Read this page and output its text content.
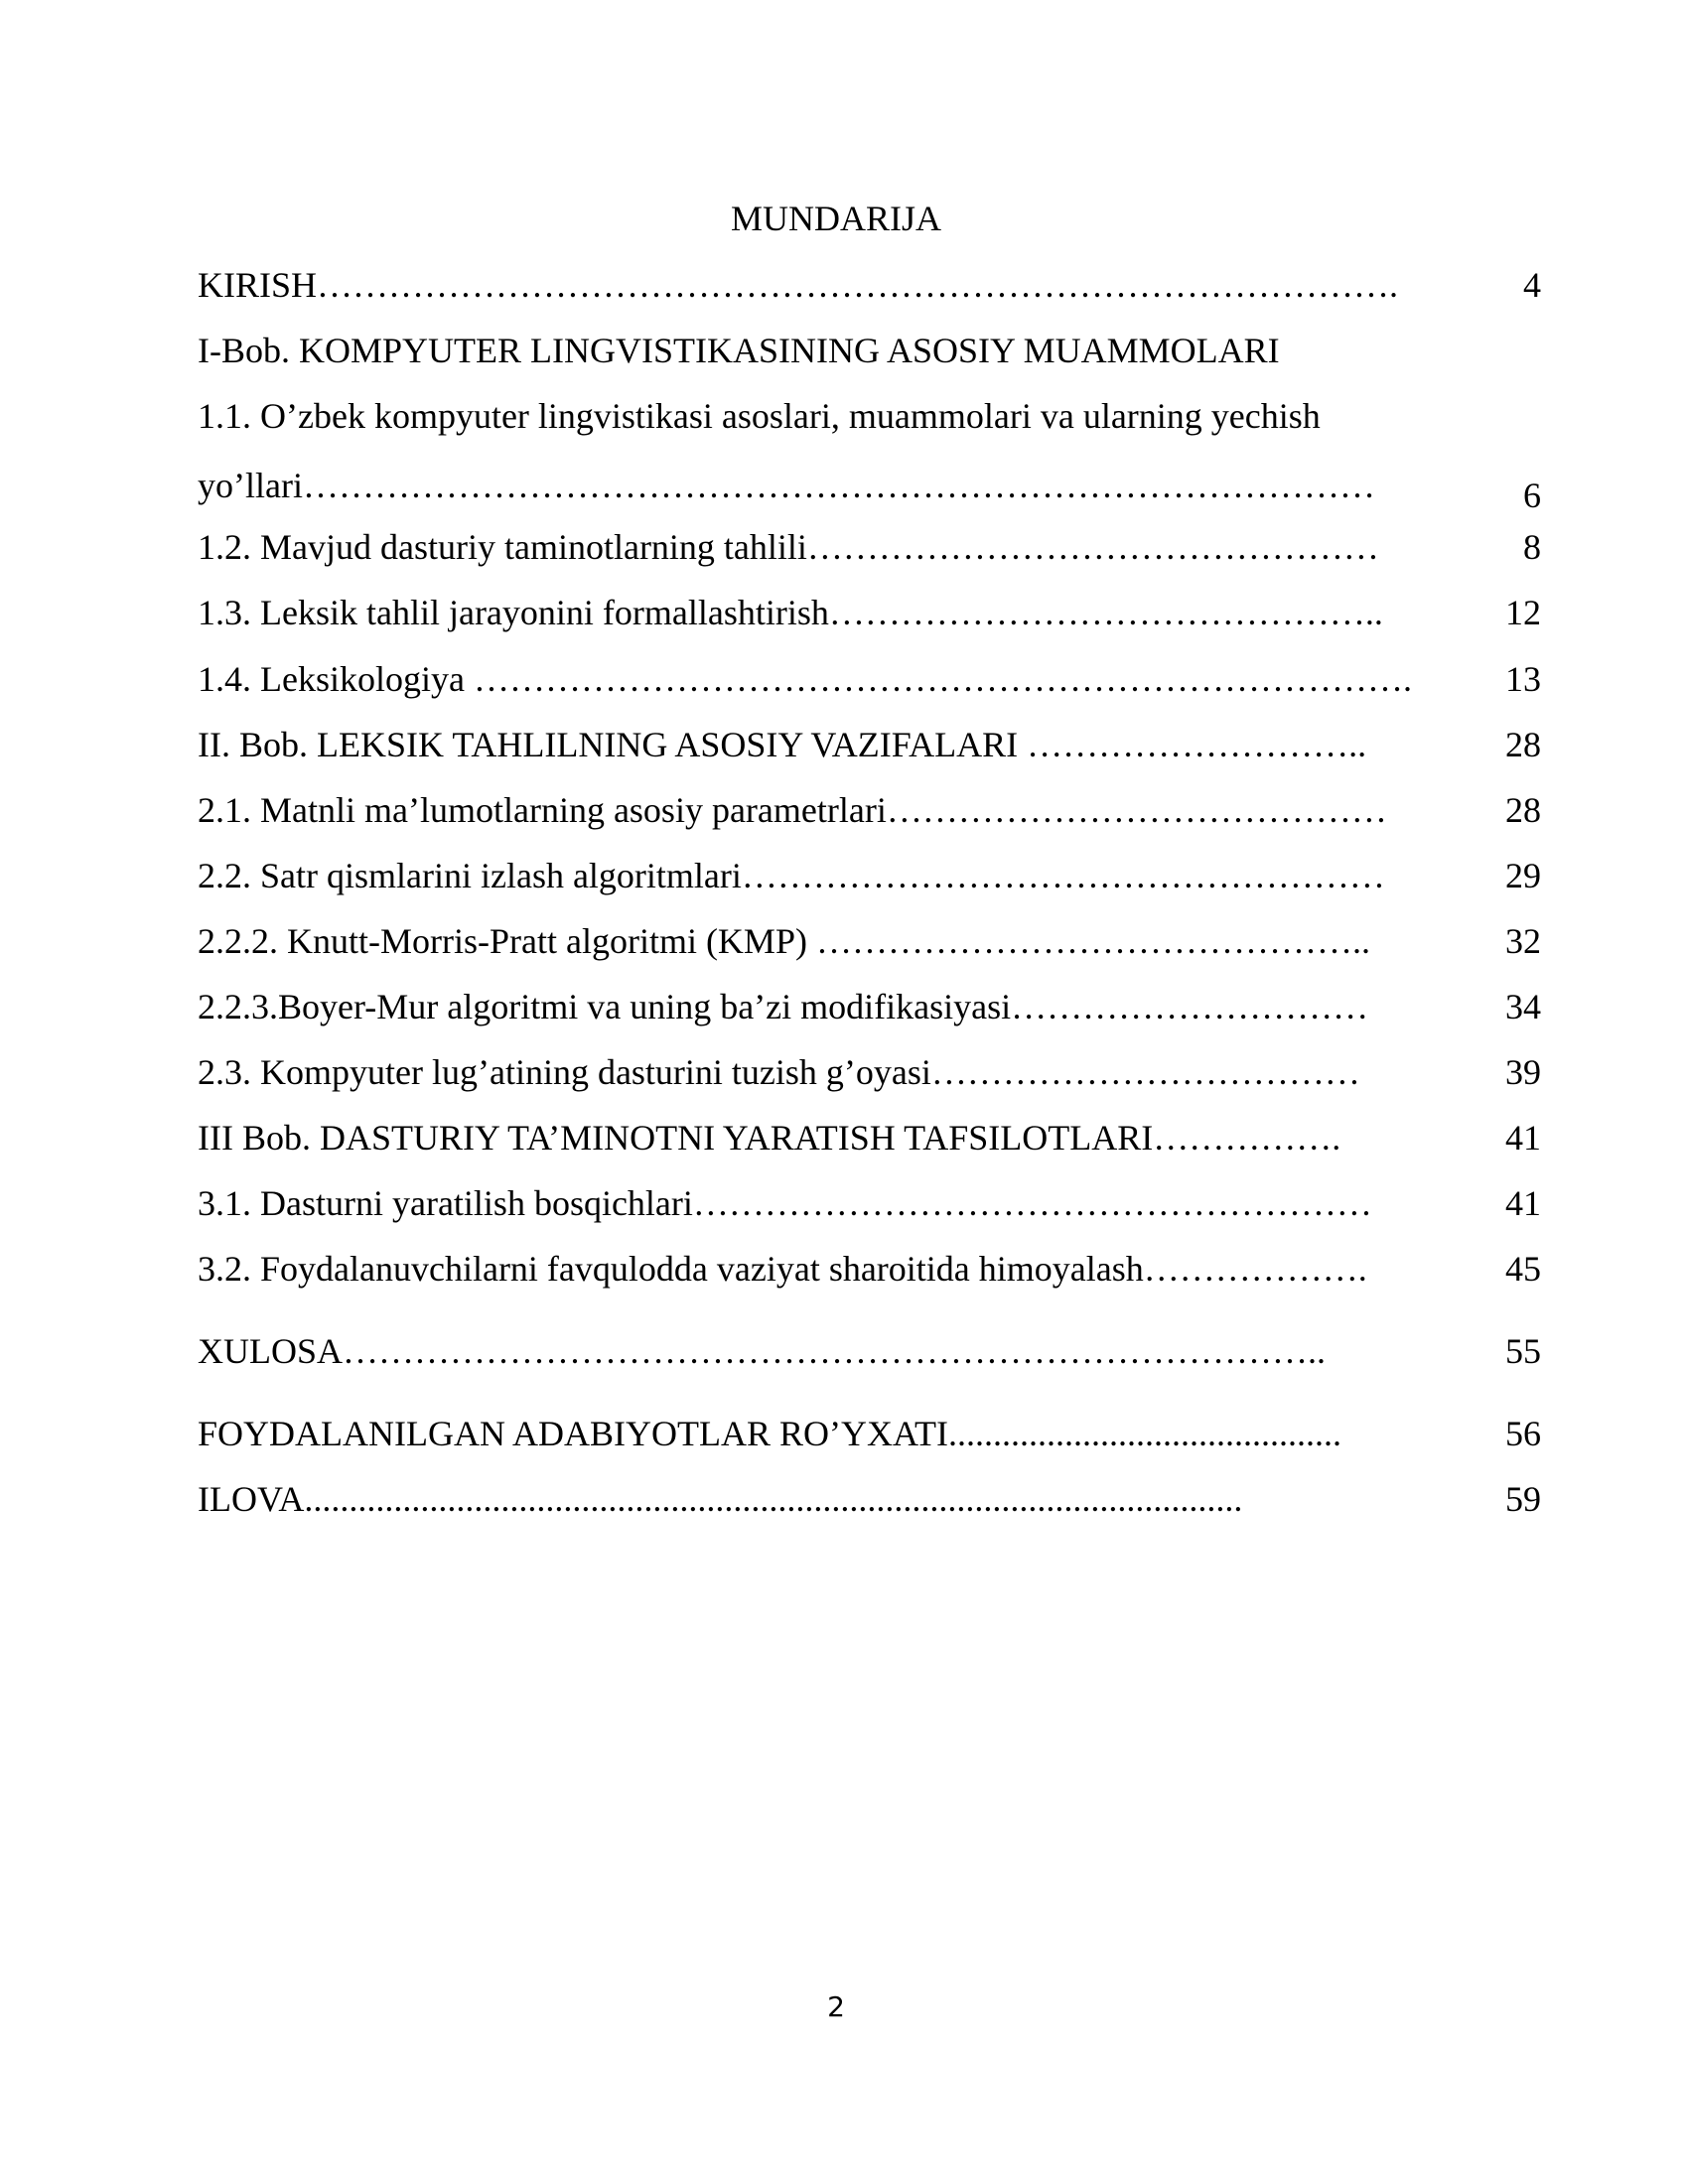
MUNDARIJA
KIRISH……………………………………………………………………………….	4
I-Bob. KOMPYUTER LINGVISTIKASINING ASOSIY MUAMMOLARI
1.1. O’zbek kompyuter lingvistikasi asoslari, muammolari va ularning yechish
yo’llari………………………………………………………………………………	6
1.2. Mavjud dasturiy taminotlarning tahlili…………………………………………	8
1.3. Leksik tahlil jarayonini formallashtirish………………………………………..	12
1.4. Leksikologiya …………………………………………………………………….	13
II. Bob. LEKSIK TAHLILNING ASOSIY VAZIFALARI ………………………..	28
2.1. Matnli ma’lumotlarning asosiy parametrlari……………………………………	28
2.2. Satr qismlarini izlash algoritmlari………………………………………………	29
2.2.2. Knutt-Morris-Pratt algoritmi (KMP) ………………………………………..	32
2.2.3.Boyer-Mur algoritmi va uning ba’zi modifikasiyasi…………………………	34
2.3. Kompyuter lug’atining dasturini tuzish g’oyasi………………………………	39
III Bob. DASTURIY TA’MINOTNI YARATISH TAFSILOTLARI…………….	41
3.1. Dasturni yaratilish bosqichlari…………………………………………………	41
3.2. Foydalanuvchilarni favqulodda vaziyat sharoitida himoyalash……………….	45
XULOSA………………………………………………………………………..	55
FOYDALANILGAN ADABIYOTLAR RO’YXATI............................................	56
ILOVA.........................................................................................................	59
2
